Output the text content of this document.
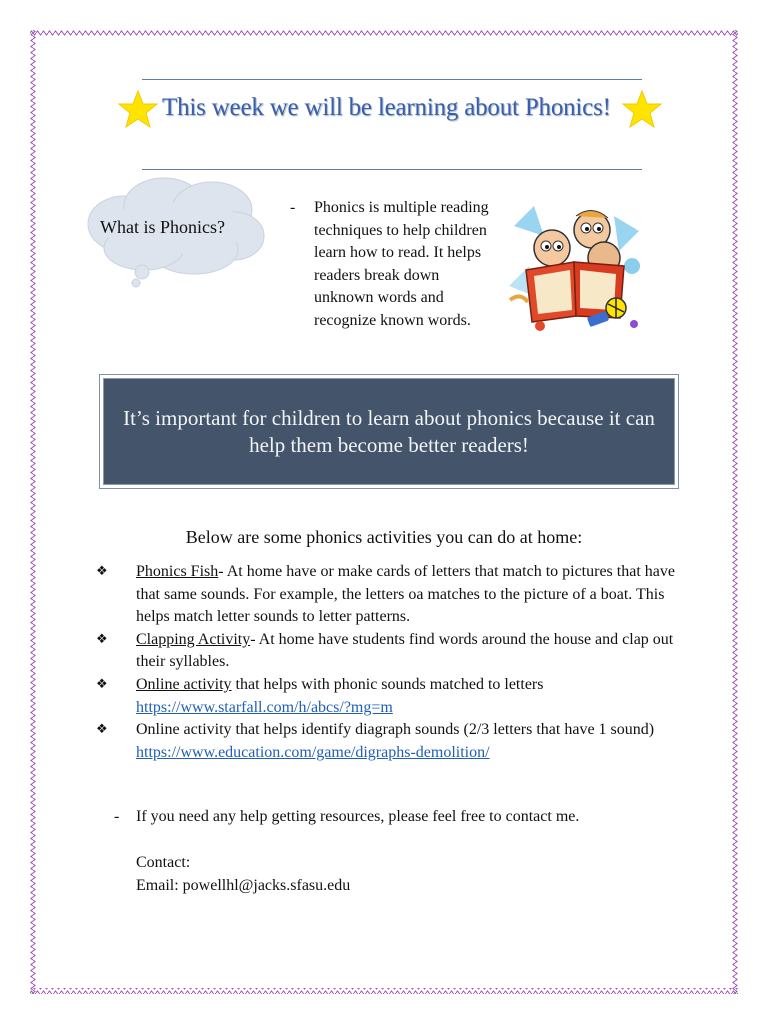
This week we will be learning about Phonics!
What is Phonics?
- Phonics is multiple reading techniques to help children learn how to read. It helps readers break down unknown words and recognize known words.
It’s important for children to learn about phonics because it can help them become better readers!
Below are some phonics activities you can do at home:
❖ Phonics Fish- At home have or make cards of letters that match to pictures that have that same sounds. For example, the letters oa matches to the picture of a boat. This helps match letter sounds to letter patterns.
❖ Clapping Activity- At home have students find words around the house and clap out their syllables.
❖ Online activity that helps with phonic sounds matched to letters https://www.starfall.com/h/abcs/?mg=m
❖ Online activity that helps identify diagraph sounds (2/3 letters that have 1 sound) https://www.education.com/game/digraphs-demolition/
- If you need any help getting resources, please feel free to contact me.
Contact:
Email: powellhl@jacks.sfasu.edu
